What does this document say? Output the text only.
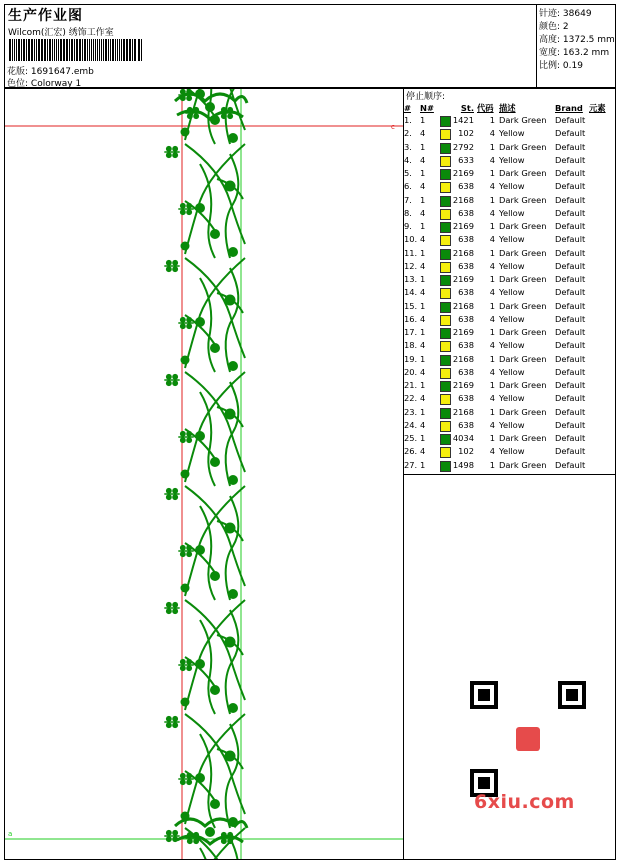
生产作业图
Wilcom(汇宏) 绣饰工作室
花版: 1691647.emb
色位: Colorway 1
针迹: 38649
颜色: 2
高度: 1372.5 mm
宽度: 163.2 mm
比例: 0.19
c
a
停止顺序:
#	N#	St.	代码	描述	Brand	元素
1.	1	1421	1	Dark Green	Default	
2.	4	102	4	Yellow	Default	
3.	1	2792	1	Dark Green	Default	
4.	4	633	4	Yellow	Default	
5.	1	2169	1	Dark Green	Default	
6.	4	638	4	Yellow	Default	
7.	1	2168	1	Dark Green	Default	
8.	4	638	4	Yellow	Default	
9.	1	2169	1	Dark Green	Default	
10.	4	638	4	Yellow	Default	
11.	1	2168	1	Dark Green	Default	
12.	4	638	4	Yellow	Default	
13.	1	2169	1	Dark Green	Default	
14.	4	638	4	Yellow	Default	
15.	1	2168	1	Dark Green	Default	
16.	4	638	4	Yellow	Default	
17.	1	2169	1	Dark Green	Default	
18.	4	638	4	Yellow	Default	
19.	1	2168	1	Dark Green	Default	
20.	4	638	4	Yellow	Default	
21.	1	2169	1	Dark Green	Default	
22.	4	638	4	Yellow	Default	
23.	1	2168	1	Dark Green	Default	
24.	4	638	4	Yellow	Default	
25.	1	4034	1	Dark Green	Default	
26.	4	102	4	Yellow	Default	
27.	1	1498	1	Dark Green	Default	
6xiu.com
